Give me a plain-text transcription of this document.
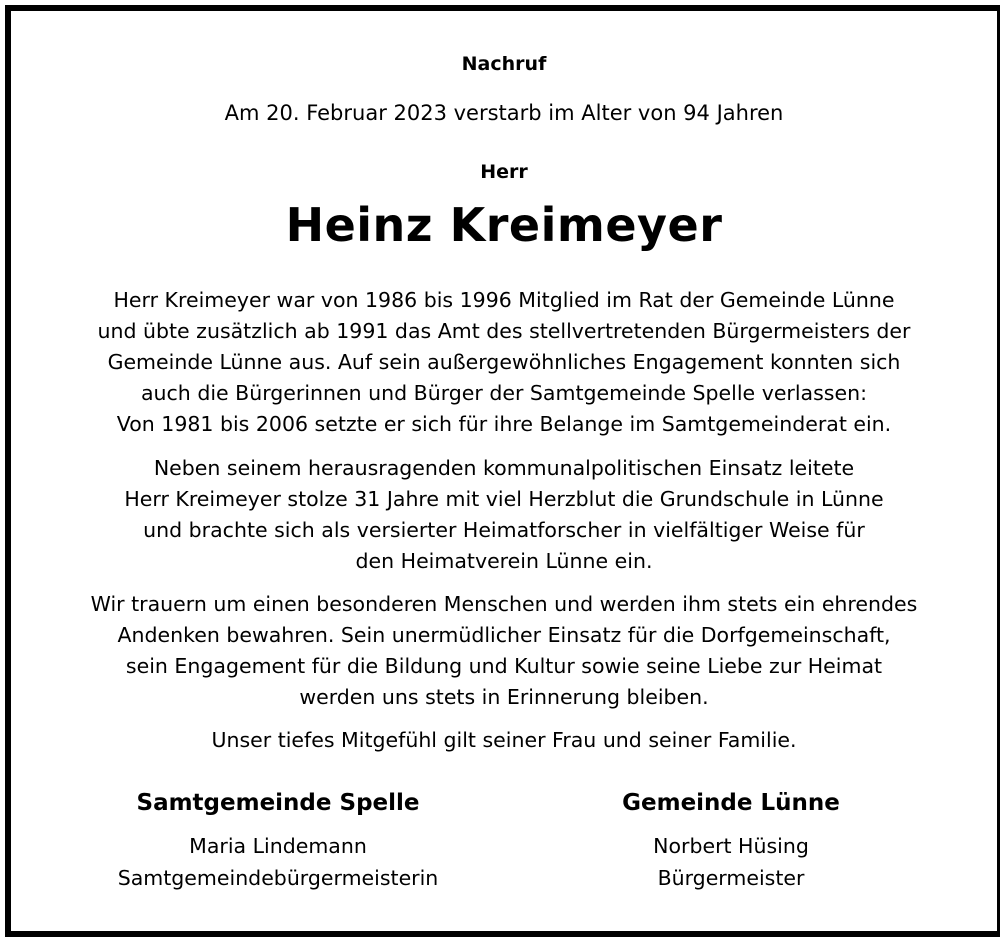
Nachruf
Am 20. Februar 2023 verstarb im Alter von 94 Jahren
Herr
Heinz Kreimeyer
Herr Kreimeyer war von 1986 bis 1996 Mitglied im Rat der Gemeinde Lünne
und übte zusätzlich ab 1991 das Amt des stellvertretenden Bürgermeisters der
Gemeinde Lünne aus. Auf sein außergewöhnliches Engagement konnten sich
auch die Bürgerinnen und Bürger der Samtgemeinde Spelle verlassen:
Von 1981 bis 2006 setzte er sich für ihre Belange im Samtgemeinderat ein.
Neben seinem herausragenden kommunalpolitischen Einsatz leitete
Herr Kreimeyer stolze 31 Jahre mit viel Herzblut die Grundschule in Lünne
und brachte sich als versierter Heimatforscher in vielfältiger Weise für
den Heimatverein Lünne ein.
Wir trauern um einen besonderen Menschen und werden ihm stets ein ehrendes
Andenken bewahren. Sein unermüdlicher Einsatz für die Dorfgemeinschaft,
sein Engagement für die Bildung und Kultur sowie seine Liebe zur Heimat
werden uns stets in Erinnerung bleiben.
Unser tiefes Mitgefühl gilt seiner Frau und seiner Familie.
Samtgemeinde Spelle
Maria Lindemann
Samtgemeindebürgermeisterin
Gemeinde Lünne
Norbert Hüsing
Bürgermeister
